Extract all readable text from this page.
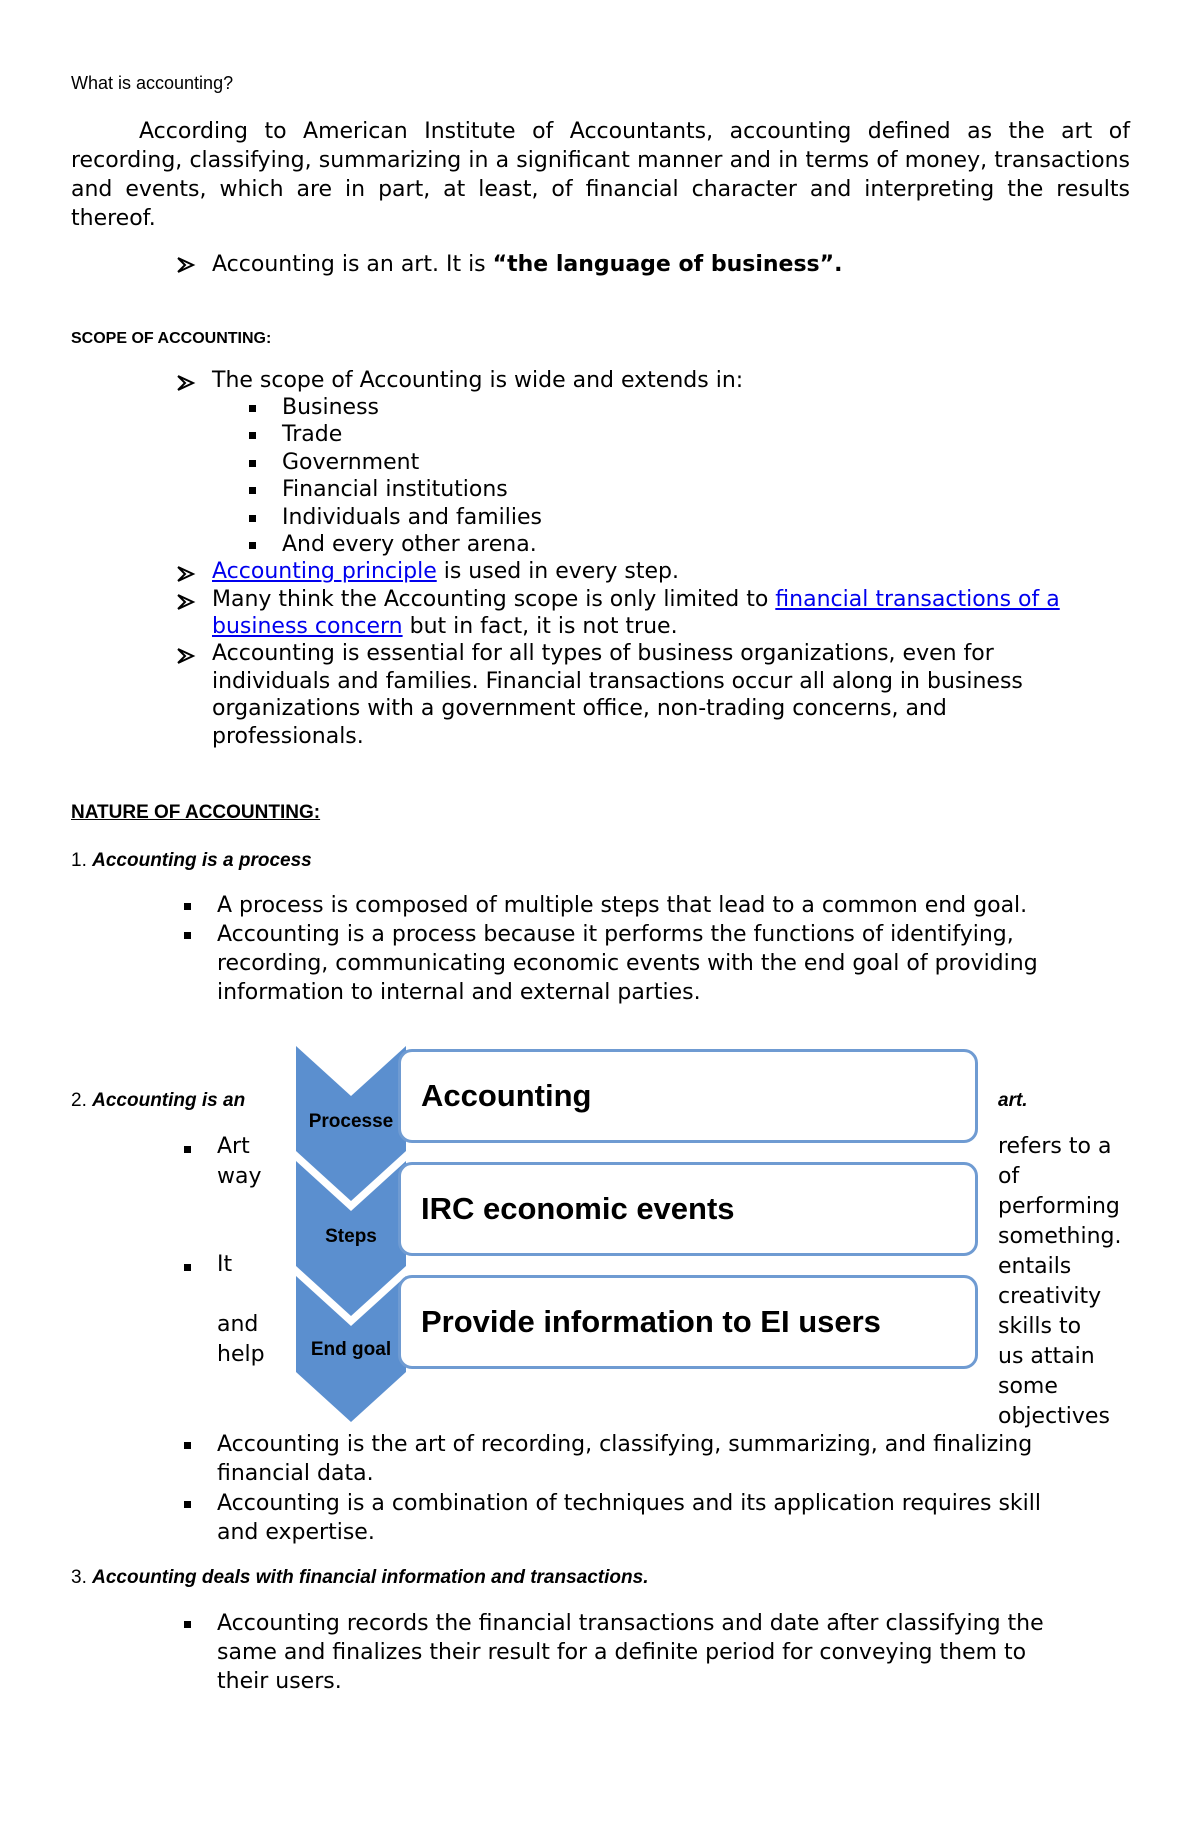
What is accounting?
According to American Institute of Accountants, accounting defined as the art of recording, classifying, summarizing in a significant manner and in terms of money, transactions and events, which are in part, at least, of financial character and interpreting the results thereof.
Accounting is an art. It is “the language of business”.
SCOPE OF ACCOUNTING:
The scope of Accounting is wide and extends in:
Business
Trade
Government
Financial institutions
Individuals and families
And every other arena.
Accounting principle is used in every step.
Many think the Accounting scope is only limited to financial transactions of a
business concern but in fact, it is not true.
Accounting is essential for all types of business organizations, even for
individuals and families. Financial transactions occur all along in business
organizations with a government office, non-trading concerns, and
professionals.
NATURE OF ACCOUNTING:
1. Accounting is a process
A process is composed of multiple steps that lead to a common end goal.
Accounting is a process because it performs the functions of identifying,
recording, communicating economic events with the end goal of providing
information to internal and external parties.
2. Accounting is an	art.
Art
way
It
and
help
refers to a
of
performing
something.
entails
creativity
skills to
us attain
some
objectives
Processe
Steps
End goal
Accounting
IRC economic events
Provide information to EI users
Accounting is the art of recording, classifying, summarizing, and finalizing
financial data.
Accounting is a combination of techniques and its application requires skill
and expertise.
3. Accounting deals with financial information and transactions.
Accounting records the financial transactions and date after classifying the
same and finalizes their result for a definite period for conveying them to
their users.
